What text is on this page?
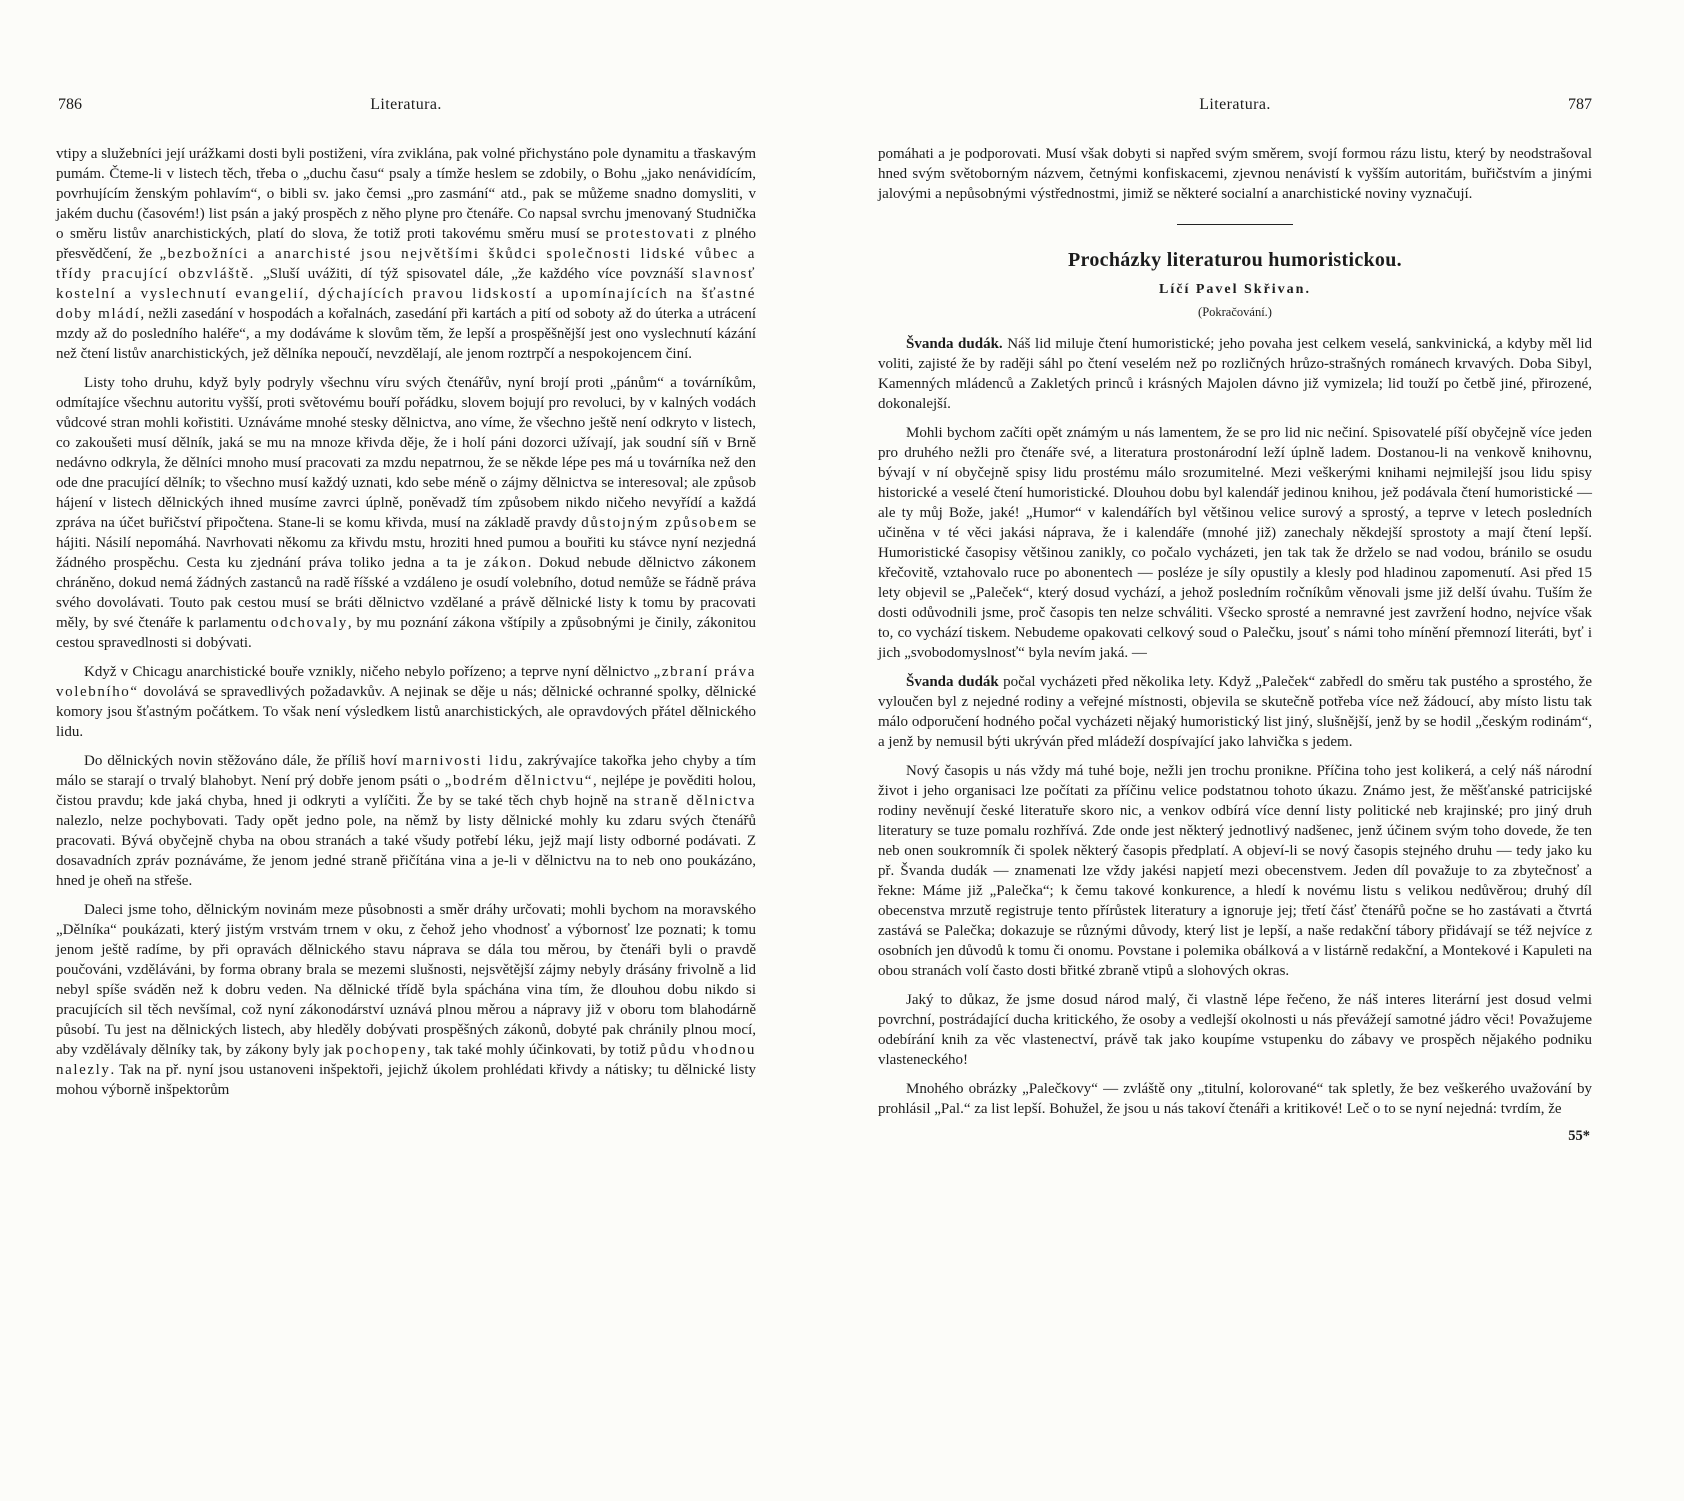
786	Literatura.

vtipy a služebníci její urážkami dosti byli postiženi, víra zviklána, pak volné přichystáno pole dynamitu a třaskavým pumám. Čteme-li v listech těch, třeba o „duchu času“ psaly a tímže heslem se zdobily, o Bohu „jako nenávidícím, povrhujícím ženským pohlavím“, o bibli sv. jako čemsi „pro zasmání“ atd., pak se můžeme snadno domysliti, v jakém duchu (časovém!) list psán a jaký prospěch z něho plyne pro čtenáře. Co napsal svrchu jmenovaný Studnička o směru listův anarchistických, platí do slova, že totiž proti takovému směru musí se protestovati z plného přesvědčení, že „bezbožníci a anarchisté jsou největšími škůdci společnosti lidské vůbec a třídy pracující obzvláště. „Sluší uvážiti, dí týž spisovatel dále, „že každého více povznáší slavnosť kostelní a vyslechnutí evangelií, dýchajících pravou lidskostí a upomínajících na šťastné doby mládí, nežli zasedání v hospodách a kořalnách, zasedání při kartách a pití od soboty až do úterka a utrácení mzdy až do posledního haléře“, a my dodáváme k slovům těm, že lepší a prospěšnější jest ono vyslechnutí kázání než čtení listův anarchistických, jež dělníka nepoučí, nevzdělají, ale jenom roztrpčí a nespokojencem činí.

Listy toho druhu, když byly podryly všechnu víru svých čtenářův, nyní brojí proti „pánům“ a továrníkům, odmítajíce všechnu autoritu vyšší, proti světovému bouří pořádku, slovem bojují pro revoluci, by v kalných vodách vůdcové stran mohli kořistiti. Uznáváme mnohé stesky dělnictva, ano víme, že všechno ještě není odkryto v listech, co zakoušeti musí dělník, jaká se mu na mnoze křivda děje, že i holí páni dozorci užívají, jak soudní síň v Brně nedávno odkryla, že dělníci mnoho musí pracovati za mzdu nepatrnou, že se někde lépe pes má u továrníka než den ode dne pracující dělník; to všechno musí každý uznati, kdo sebe méně o zájmy dělnictva se interesoval; ale způsob hájení v listech dělnických ihned musíme zavrci úplně, poněvadž tím způsobem nikdo ničeho nevyřídí a každá zpráva na účet buřičství připočtena. Stane-li se komu křivda, musí na základě pravdy důstojným způsobem se hájiti. Násilí nepomáhá. Navrhovati někomu za křivdu mstu, hroziti hned pumou a bouřiti ku stávce nyní nezjedná žádného prospěchu. Cesta ku zjednání práva toliko jedna a ta je zákon. Dokud nebude dělnictvo zákonem chráněno, dokud nemá žádných zastanců na radě říšské a vzdáleno je osudí volebního, dotud nemůže se řádně práva svého dovolávati. Touto pak cestou musí se bráti dělnictvo vzdělané a právě dělnické listy k tomu by pracovati měly, by své čtenáře k parlamentu odchovaly, by mu poznání zákona vštípily a způsobnými je činily, zákonitou cestou spravedlnosti si dobývati.

Když v Chicagu anarchistické bouře vznikly, ničeho nebylo pořízeno; a teprve nyní dělnictvo „zbraní práva volebního“ dovolává se spravedlivých požadavkův. A nejinak se děje u nás; dělnické ochranné spolky, dělnické komory jsou šťastným počátkem. To však není výsledkem listů anarchistických, ale opravdových přátel dělnického lidu.

Do dělnických novin stěžováno dále, že příliš hoví marnivosti lidu, zakrývajíce takořka jeho chyby a tím málo se starají o trvalý blahobyt. Není prý dobře jenom psáti o „bodrém dělnictvu“, nejlépe je pověditi holou, čistou pravdu; kde jaká chyba, hned ji odkryti a vylíčiti. Že by se také těch chyb hojně na straně dělnictva nalezlo, nelze pochybovati. Tady opět jedno pole, na němž by listy dělnické mohly ku zdaru svých čtenářů pracovati. Bývá obyčejně chyba na obou stranách a také všudy potřebí léku, jejž mají listy odborné podávati. Z dosavadních zpráv poznáváme, že jenom jedné straně přičítána vina a je-li v dělnictvu na to neb ono poukázáno, hned je oheň na střeše.

Daleci jsme toho, dělnickým novinám meze působnosti a směr dráhy určovati; mohli bychom na moravského „Dělníka“ poukázati, který jistým vrstvám trnem v oku, z čehož jeho vhodnosť a výbornosť lze poznati; k tomu jenom ještě radíme, by při opravách dělnického stavu náprava se dála tou měrou, by čtenáři byli o pravdě poučováni, vzděláváni, by forma obrany brala se mezemi slušnosti, nejsvětější zájmy nebyly drásány frivolně a lid nebyl spíše sváděn než k dobru veden. Na dělnické třídě byla spáchána vina tím, že dlouhou dobu nikdo si pracujících sil těch nevšímal, což nyní zákonodárství uznává plnou měrou a nápravy již v oboru tom blahodárně působí. Tu jest na dělnických listech, aby hleděly dobývati prospěšných zákonů, dobyté pak chránily plnou mocí, aby vzdělávaly dělníky tak, by zákony byly jak pochopeny, tak také mohly účinkovati, by totiž půdu vhodnou nalezly. Tak na př. nyní jsou ustanoveni inšpektoři, jejichž úkolem prohlédati křivdy a nátisky; tu dělnické listy mohou výborně inšpektorům

Literatura.	787

pomáhati a je podporovati. Musí však dobyti si napřed svým směrem, svojí formou rázu listu, který by neodstrašoval hned svým světoborným názvem, četnými konfiskacemi, zjevnou nenávistí k vyšším autoritám, buřičstvím a jinými jalovými a nepůsobnými výstřednostmi, jimiž se některé socialní a anarchistické noviny vyznačují.

Procházky literaturou humoristickou.
Líčí Pavel Skřivan.
(Pokračování.)

Švanda dudák. Náš lid miluje čtení humoristické; jeho povaha jest celkem veselá, sankvinická, a kdyby měl lid voliti, zajisté že by raději sáhl po čtení veselém než po rozličných hrůzo-strašných románech krvavých. Doba Sibyl, Kamenných mládenců a Zakletých princů i krásných Majolen dávno již vymizela; lid touží po četbě jiné, přirozené, dokonalejší.

Mohli bychom začíti opět známým u nás lamentem, že se pro lid nic nečiní. Spisovatelé píší obyčejně více jeden pro druhého nežli pro čtenáře své, a literatura prostonárodní leží úplně ladem. Dostanou-li na venkově knihovnu, bývají v ní obyčejně spisy lidu prostému málo srozumitelné. Mezi veškerými knihami nejmilejší jsou lidu spisy historické a veselé čtení humoristické. Dlouhou dobu byl kalendář jedinou knihou, jež podávala čtení humoristické — ale ty můj Bože, jaké! „Humor“ v kalendářích byl většinou velice surový a sprostý, a teprve v letech posledních učiněna v té věci jakási náprava, že i kalendáře (mnohé již) zanechaly někdejší sprostoty a mají čtení lepší. Humoristické časopisy většinou zanikly, co počalo vycházeti, jen tak tak že drželo se nad vodou, bránilo se osudu křečovitě, vztahovalo ruce po abonentech — posléze je síly opustily a klesly pod hladinou zapomenutí. Asi před 15 lety objevil se „Paleček“, který dosud vychází, a jehož posledním ročníkům věnovali jsme již delší úvahu. Tuším že dosti odůvodnili jsme, proč časopis ten nelze schváliti. Všecko sprosté a nemravné jest zavržení hodno, nejvíce však to, co vychází tiskem. Nebudeme opakovati celkový soud o Palečku, jsouť s námi toho mínění přemnozí literáti, byť i jich „svobodomyslnosť“ byla nevím jaká. —

Švanda dudák počal vycházeti před několika lety. Když „Paleček“ zabředl do směru tak pustého a sprostého, že vyloučen byl z nejedné rodiny a veřejné místnosti, objevila se skutečně potřeba více než žádoucí, aby místo listu tak málo odporučení hodného počal vycházeti nějaký humoristický list jiný, slušnější, jenž by se hodil „českým rodinám“, a jenž by nemusil býti ukrýván před mládeží dospívající jako lahvička s jedem.

Nový časopis u nás vždy má tuhé boje, nežli jen trochu pronikne. Příčina toho jest kolikerá, a celý náš národní život i jeho organisaci lze počítati za příčinu velice podstatnou tohoto úkazu. Známo jest, že měšťanské patricijské rodiny nevěnují české literatuře skoro nic, a venkov odbírá více denní listy politické neb krajinské; pro jiný druh literatury se tuze pomalu rozhřívá. Zde onde jest některý jednotlivý nadšenec, jenž účinem svým toho dovede, že ten neb onen soukromník či spolek některý časopis předplatí. A objeví-li se nový časopis stejného druhu — tedy jako ku př. Švanda dudák — znamenati lze vždy jakési napjetí mezi obecenstvem. Jeden díl považuje to za zbytečnosť a řekne: Máme již „Palečka“; k čemu takové konkurence, a hledí k novému listu s velikou nedůvěrou; druhý díl obecenstva mrzutě registruje tento přírůstek literatury a ignoruje jej; třetí čásť čtenářů počne se ho zastávati a čtvrtá zastává se Palečka; dokazuje se různými důvody, který list je lepší, a naše redakční tábory přidávají se též nejvíce z osobních jen důvodů k tomu či onomu. Povstane i polemika obálková a v listárně redakční, a Montekové i Kapuleti na obou stranách volí často dosti břitké zbraně vtipů a slohových okras.

Jaký to důkaz, že jsme dosud národ malý, či vlastně lépe řečeno, že náš interes literární jest dosud velmi povrchní, postrádající ducha kritického, že osoby a vedlejší okolnosti u nás převážejí samotné jádro věci! Považujeme odebírání knih za věc vlastenectví, právě tak jako koupíme vstupenku do zábavy ve prospěch nějakého podniku vlasteneckého!

Mnohého obrázky „Palečkovy“ — zvláště ony „titulní, kolorované“ tak spletly, že bez veškerého uvažování by prohlásil „Pal.“ za list lepší. Bohužel, že jsou u nás takoví čtenáři a kritikové! Leč o to se nyní nejedná: tvrdím, že

55*
